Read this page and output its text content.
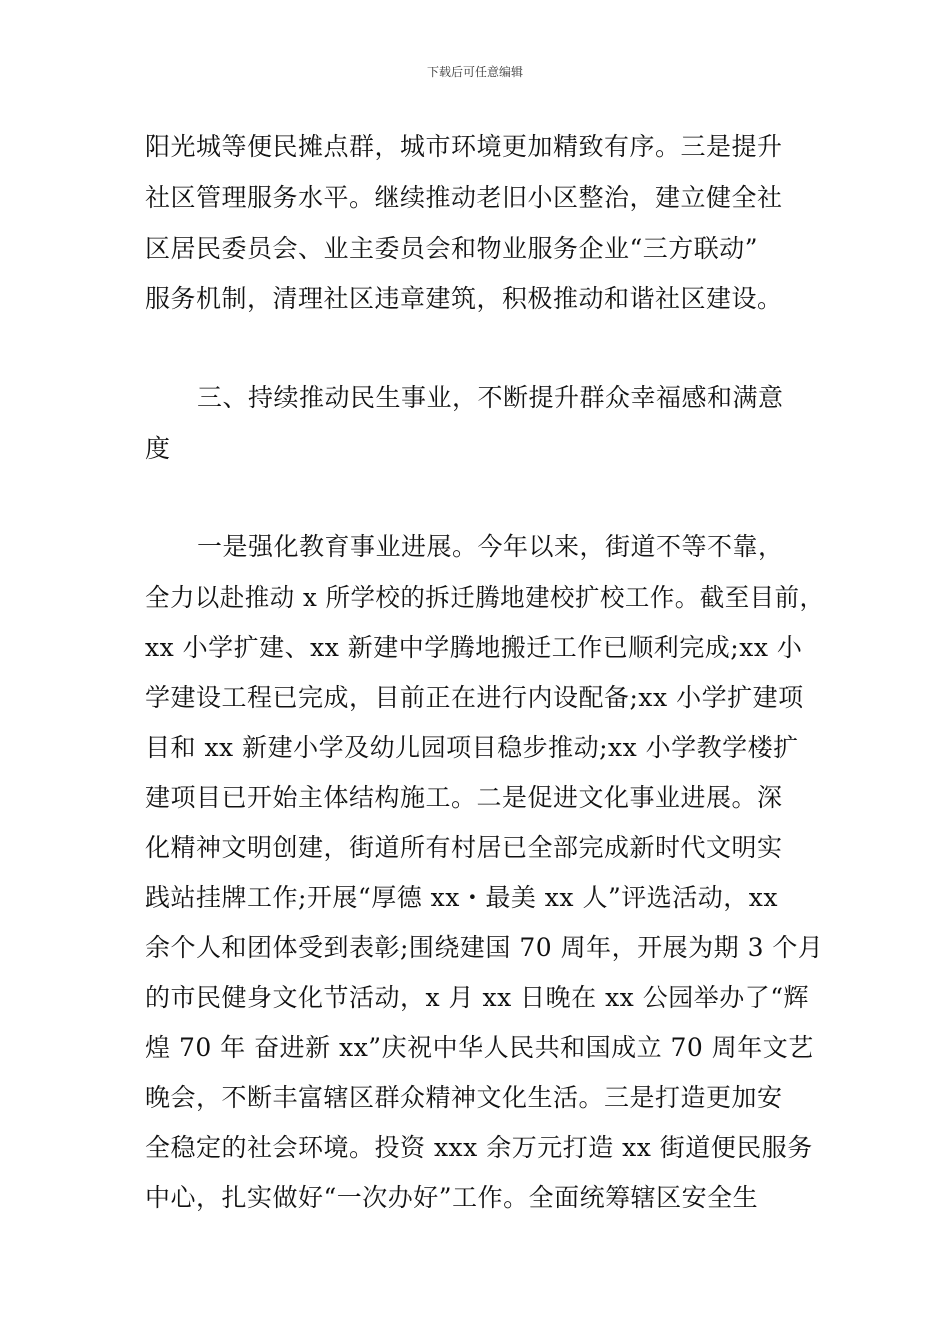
下载后可任意编辑
阳光城等便民摊点群，城市环境更加精致有序。三是提升
社区管理服务水平。继续推动老旧小区整治，建立健全社
区居民委员会、业主委员会和物业服务企业“三方联动”
服务机制，清理社区违章建筑，积极推动和谐社区建设。
三、持续推动民生事业，不断提升群众幸福感和满意
度
一是强化教育事业进展。今年以来，街道不等不靠，
全力以赴推动 x 所学校的拆迁腾地建校扩校工作。截至目前，
xx 小学扩建、xx 新建中学腾地搬迁工作已顺利完成;xx 小
学建设工程已完成，目前正在进行内设配备;xx 小学扩建项
目和 xx 新建小学及幼儿园项目稳步推动;xx 小学教学楼扩
建项目已开始主体结构施工。二是促进文化事业进展。深
化精神文明创建，街道所有村居已全部完成新时代文明实
践站挂牌工作;开展“厚德 xx・最美 xx 人”评选活动，xx
余个人和团体受到表彰;围绕建国 70 周年，开展为期 3 个月
的市民健身文化节活动，x 月 xx 日晚在 xx 公园举办了“辉
煌 70 年 奋进新 xx”庆祝中华人民共和国成立 70 周年文艺
晚会，不断丰富辖区群众精神文化生活。三是打造更加安
全稳定的社会环境。投资 xxx 余万元打造 xx 街道便民服务
中心，扎实做好“一次办好”工作。全面统筹辖区安全生
